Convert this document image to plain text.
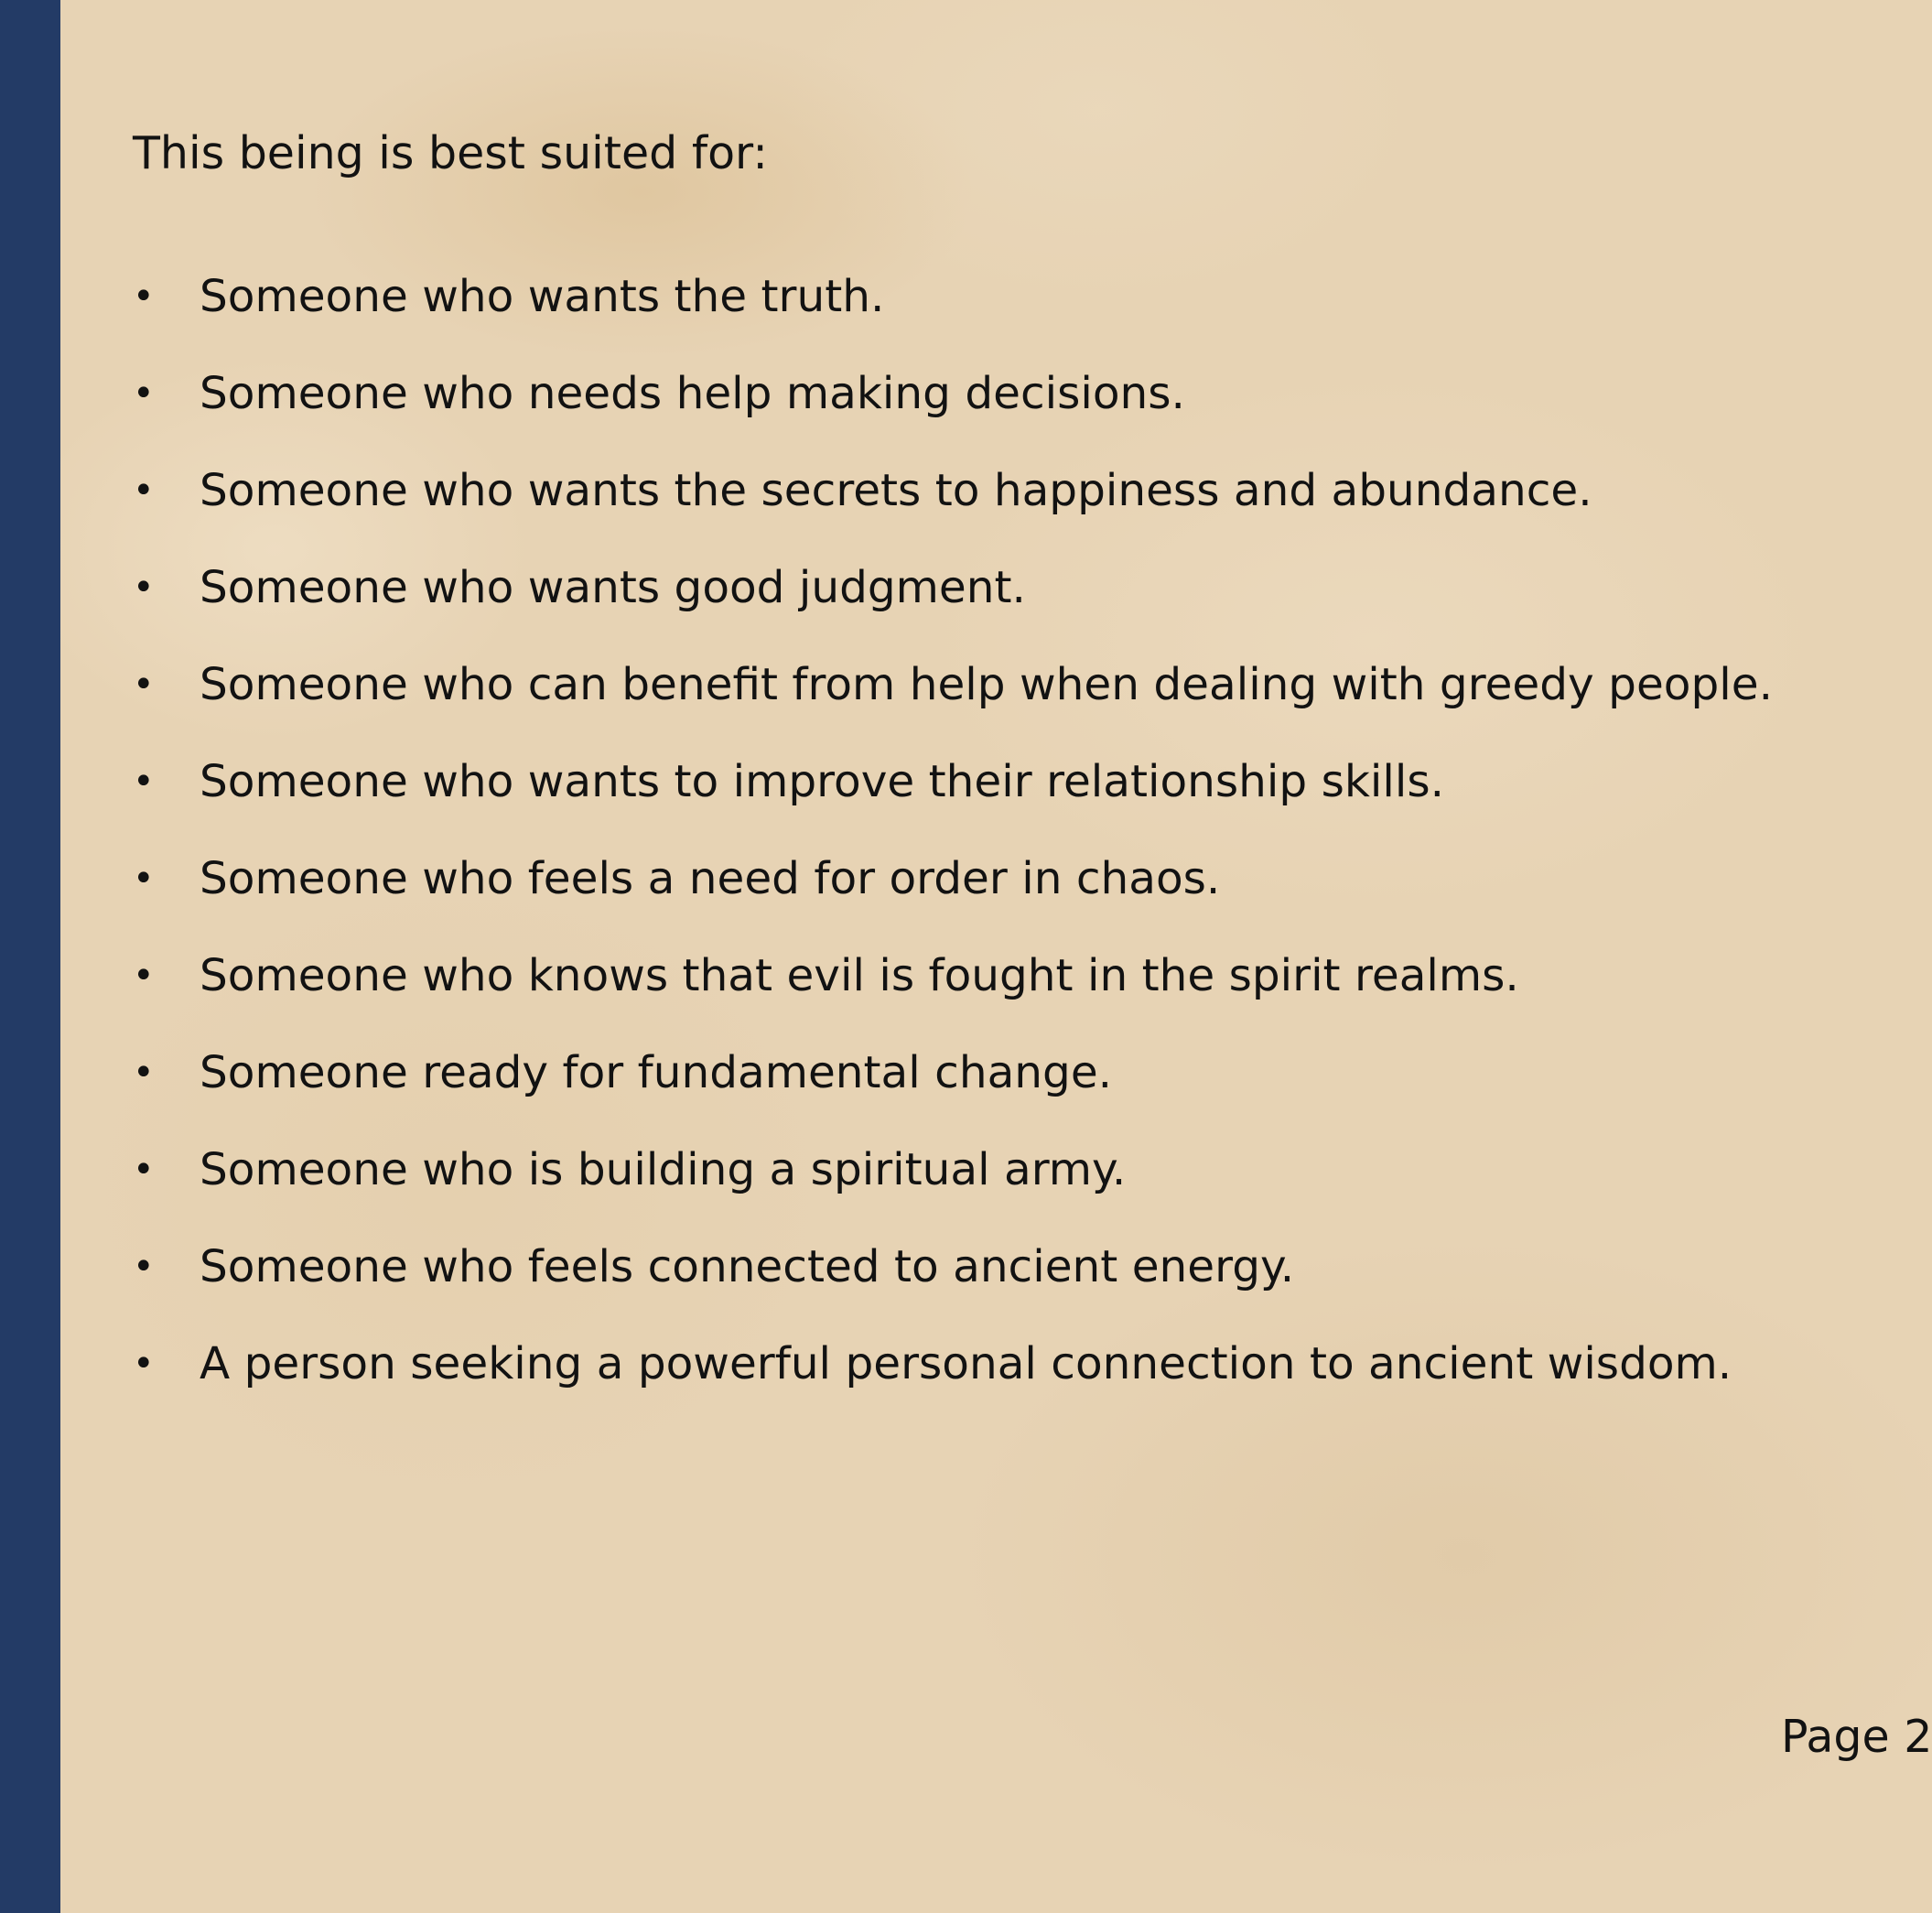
This being is best suited for:
• Someone who wants the truth.
• Someone who needs help making decisions.
• Someone who wants the secrets to happiness and abundance.
• Someone who wants good judgment.
• Someone who can benefit from help when dealing with greedy people.
• Someone who wants to improve their relationship skills.
• Someone who feels a need for order in chaos.
• Someone who knows that evil is fought in the spirit realms.
• Someone ready for fundamental change.
• Someone who is building a spiritual army.
• Someone who feels connected to ancient energy.
• A person seeking a powerful personal connection to ancient wisdom.
Page 2
